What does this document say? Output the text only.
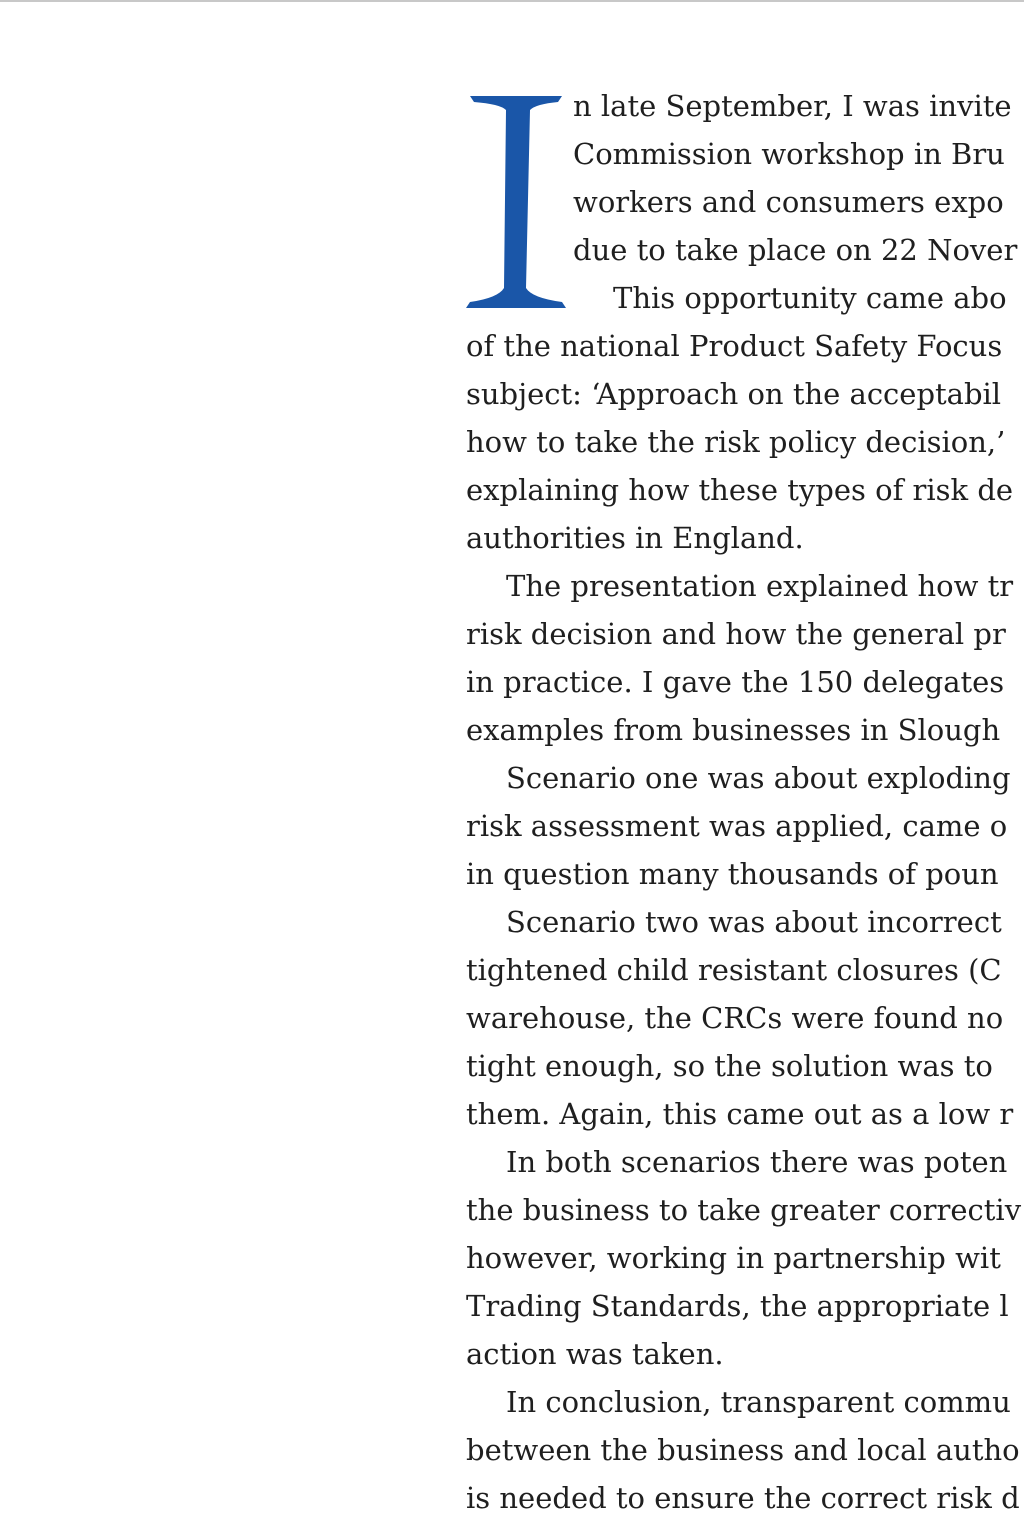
n late September, I was invite
Commission workshop in Bru
workers and consumers expo
due to take place on 22 Nover
This opportunity came abo
of the national Product Safety Focus
subject: ‘Approach on the acceptabil
how to take the risk policy decision,’
explaining how these types of risk de
authorities in England.
The presentation explained how tr
risk decision and how the general pr
in practice. I gave the 150 delegates
examples from businesses in Slough
Scenario one was about exploding
risk assessment was applied, came o
in question many thousands of poun
Scenario two was about incorrect
tightened child resistant closures (C
warehouse, the CRCs were found no
tight enough, so the solution was to
them. Again, this came out as a low r
In both scenarios there was poten
the business to take greater correctiv
however, working in partnership wit
Trading Standards, the appropriate l
action was taken.
In conclusion, transparent commu
between the business and local autho
is needed to ensure the correct risk d
